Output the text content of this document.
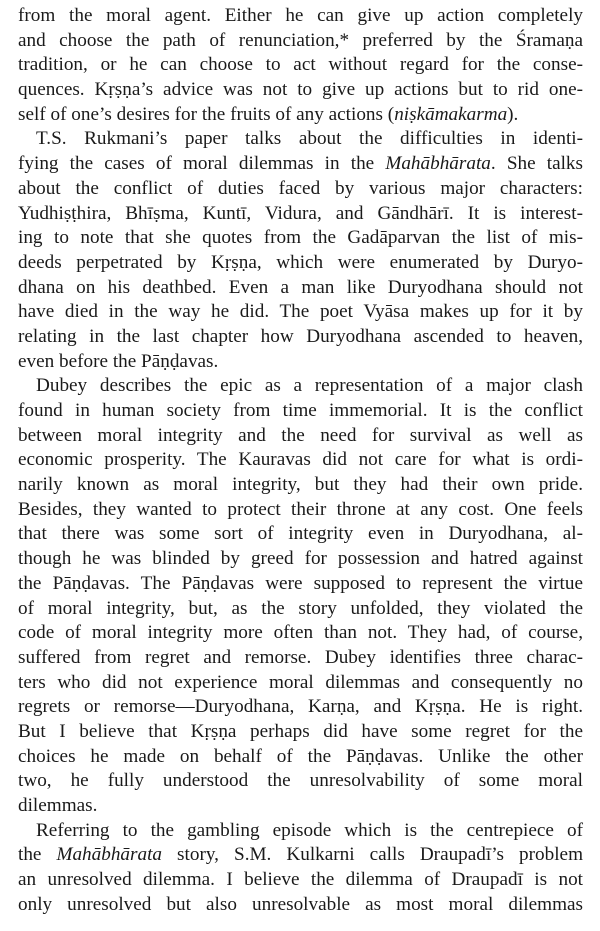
from the moral agent. Either he can give up action completely
and choose the path of renunciation,* preferred by the Śramaṇa
tradition, or he can choose to act without regard for the conse-
quences. Kṛṣṇa’s advice was not to give up actions but to rid one-
self of one’s desires for the fruits of any actions (niṣkāmakarma).
T.S. Rukmani’s paper talks about the difficulties in identi-
fying the cases of moral dilemmas in the Mahābhārata. She talks
about the conflict of duties faced by various major characters:
Yudhiṣṭhira, Bhīṣma, Kuntī, Vidura, and Gāndhārī. It is interest-
ing to note that she quotes from the Gadāparvan the list of mis-
deeds perpetrated by Kṛṣṇa, which were enumerated by Duryo-
dhana on his deathbed. Even a man like Duryodhana should not
have died in the way he did. The poet Vyāsa makes up for it by
relating in the last chapter how Duryodhana ascended to heaven,
even before the Pāṇḍavas.
Dubey describes the epic as a representation of a major clash
found in human society from time immemorial. It is the conflict
between moral integrity and the need for survival as well as
economic prosperity. The Kauravas did not care for what is ordi-
narily known as moral integrity, but they had their own pride.
Besides, they wanted to protect their throne at any cost. One feels
that there was some sort of integrity even in Duryodhana, al-
though he was blinded by greed for possession and hatred against
the Pāṇḍavas. The Pāṇḍavas were supposed to represent the virtue
of moral integrity, but, as the story unfolded, they violated the
code of moral integrity more often than not. They had, of course,
suffered from regret and remorse. Dubey identifies three charac-
ters who did not experience moral dilemmas and consequently no
regrets or remorse—Duryodhana, Karṇa, and Kṛṣṇa. He is right.
But I believe that Kṛṣṇa perhaps did have some regret for the
choices he made on behalf of the Pāṇḍavas. Unlike the other
two, he fully understood the unresolvability of some moral
dilemmas.
Referring to the gambling episode which is the centrepiece of
the Mahābhārata story, S.M. Kulkarni calls Draupadī’s problem
an unresolved dilemma. I believe the dilemma of Draupadī is not
only unresolved but also unresolvable as most moral dilemmas
